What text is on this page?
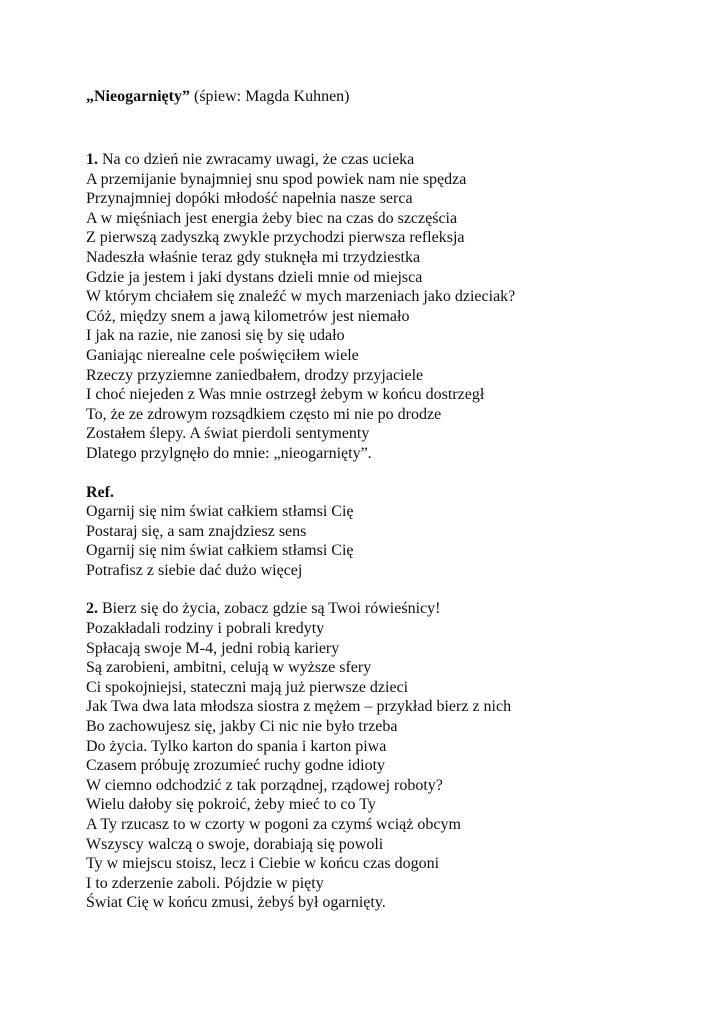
„Nieogarnięty” (śpiew: Magda Kuhnen)
1. Na co dzień nie zwracamy uwagi, że czas ucieka
A przemijanie bynajmniej snu spod powiek nam nie spędza
Przynajmniej dopóki młodość napełnia nasze serca
A w mięśniach jest energia żeby biec na czas do szczęścia
Z pierwszą zadyszką zwykle przychodzi pierwsza refleksja
Nadeszła właśnie teraz gdy stuknęła mi trzydziestka
Gdzie ja jestem i jaki dystans dzieli mnie od miejsca
W którym chciałem się znaleźć w mych marzeniach jako dzieciak?
Cóż, między snem a jawą kilometrów jest niemało
I jak na razie, nie zanosi się by się udało
Ganiając nierealne cele poświęciłem wiele
Rzeczy przyziemne zaniedbałem, drodzy przyjaciele
I choć niejeden z Was mnie ostrzegł żebym w końcu dostrzegł
To, że ze zdrowym rozsądkiem często mi nie po drodze
Zostałem ślepy. A świat pierdoli sentymenty
Dlatego przylgnęło do mnie: „nieogarnięty”.
Ref.
Ogarnij się nim świat całkiem stłamsi Cię
Postaraj się, a sam znajdziesz sens
Ogarnij się nim świat całkiem stłamsi Cię
Potrafisz z siebie dać dużo więcej
2. Bierz się do życia, zobacz gdzie są Twoi rówieśnicy!
Pozakładali rodziny i pobrali kredyty
Spłacają swoje M-4, jedni robią kariery
Są zarobieni, ambitni, celują w wyższe sfery
Ci spokojniejsi, stateczni mają już pierwsze dzieci
Jak Twa dwa lata młodsza siostra z mężem – przykład bierz z nich
Bo zachowujesz się, jakby Ci nic nie było trzeba
Do życia. Tylko karton do spania i karton piwa
Czasem próbuję zrozumieć ruchy godne idioty
W ciemno odchodzić z tak porządnej, rządowej roboty?
Wielu dałoby się pokroić, żeby mieć to co Ty
A Ty rzucasz to w czorty w pogoni za czymś wciąż obcym
Wszyscy walczą o swoje, dorabiają się powoli
Ty w miejscu stoisz, lecz i Ciebie w końcu czas dogoni
I to zderzenie zaboli. Pójdzie w pięty
Świat Cię w końcu zmusi, żebyś był ogarnięty.
